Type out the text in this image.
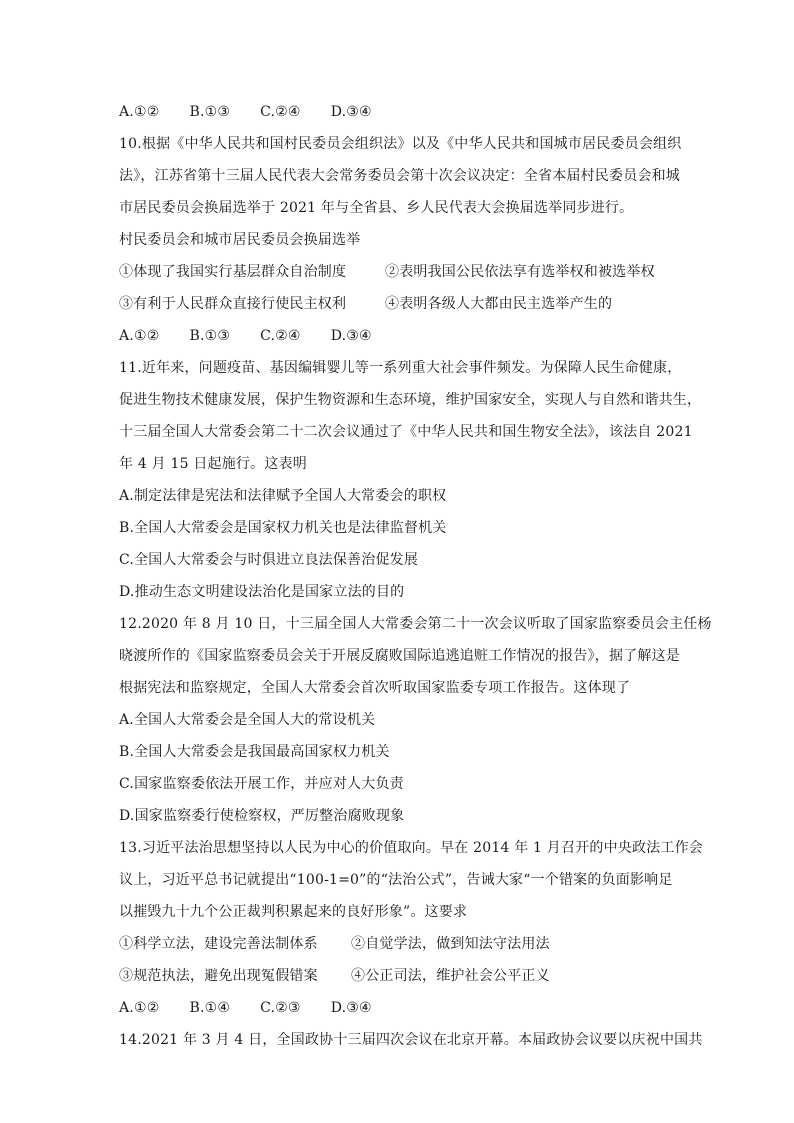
A.①② B.①③ C.②④ D.③④
10.根据《中华人民共和国村民委员会组织法》以及《中华人民共和国城市居民委员会组织
法》，江苏省第十三届人民代表大会常务委员会第十次会议决定：全省本届村民委员会和城
市居民委员会换届选举于 2021 年与全省县、乡人民代表大会换届选举同步进行。
村民委员会和城市居民委员会换届选举
①体现了我国实行基层群众自治制度	②表明我国公民依法享有选举权和被选举权
③有利于人民群众直接行使民主权利	④表明各级人大都由民主选举产生的
A.①② B.①③ C.②④ D.③④
11.近年来，问题疫苗、基因编辑婴儿等一系列重大社会事件频发。为保障人民生命健康，
促进生物技术健康发展，保护生物资源和生态环境，维护国家安全，实现人与自然和谐共生，
十三届全国人大常委会第二十二次会议通过了《中华人民共和国生物安全法》，该法自 2021
年 4 月 15 日起施行。这表明
A.制定法律是宪法和法律赋予全国人大常委会的职权
B.全国人大常委会是国家权力机关也是法律监督机关
C.全国人大常委会与时俱进立良法保善治促发展
D.推动生态文明建设法治化是国家立法的目的
12.2020 年 8 月 10 日，十三届全国人大常委会第二十一次会议听取了国家监察委员会主任杨
晓渡所作的《国家监察委员会关于开展反腐败国际追逃追赃工作情况的报告》，据了解这是
根据宪法和监察规定，全国人大常委会首次听取国家监委专项工作报告。这体现了
A.全国人大常委会是全国人大的常设机关
B.全国人大常委会是我国最高国家权力机关
C.国家监察委依法开展工作，并应对人大负责
D.国家监察委行使检察权，严厉整治腐败现象
13.习近平法治思想坚持以人民为中心的价值取向。早在 2014 年 1 月召开的中央政法工作会
议上，习近平总书记就提出“100-1=0”的“法治公式”，告诫大家“一个错案的负面影响足
以摧毁九十九个公正裁判积累起来的良好形象”。这要求
①科学立法，建设完善法制体系 ②自觉学法，做到知法守法用法
③规范执法，避免出现冤假错案 ④公正司法，维护社会公平正义
A.①② B.①④ C.②③ D.③④
14.2021 年 3 月 4 日，全国政协十三届四次会议在北京开幕。本届政协会议要以庆祝中国共
